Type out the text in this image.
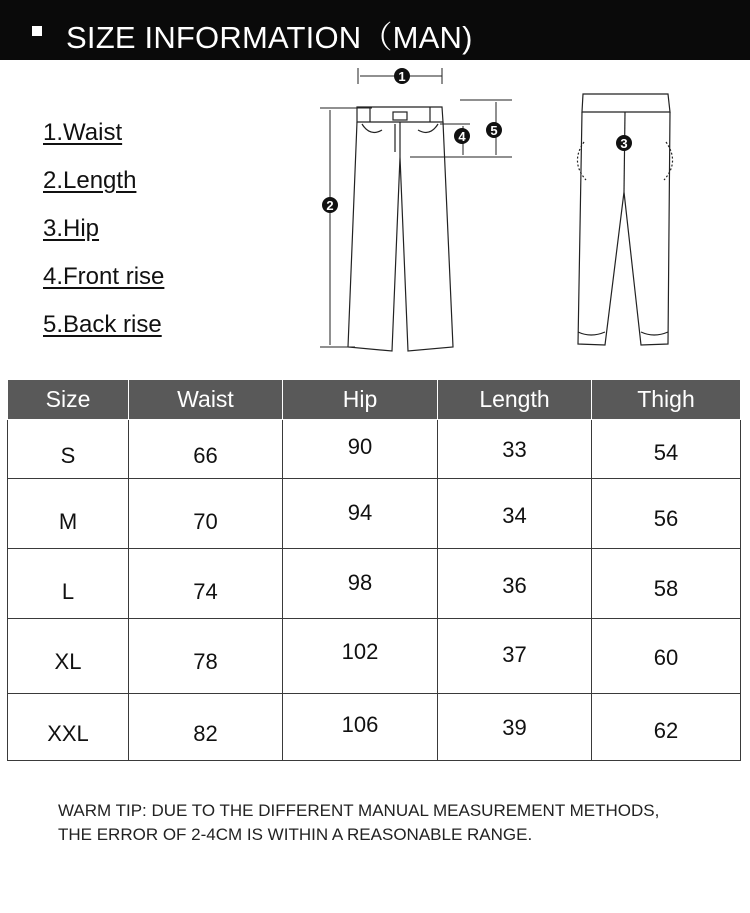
SIZE INFORMATION（MAN)
1.Waist
2.Length
3.Hip
4.Front rise
5.Back rise
1
2
3
4 5
Size	Waist	Hip	Length	Thigh
S	66	90	33	54
M	70	94	34	56
L	74	98	36	58
XL	78	102	37	60
XXL	82	106	39	62
WARM TIP: DUE TO THE DIFFERENT MANUAL MEASUREMENT METHODS,
THE ERROR OF 2-4CM IS WITHIN A REASONABLE RANGE.
